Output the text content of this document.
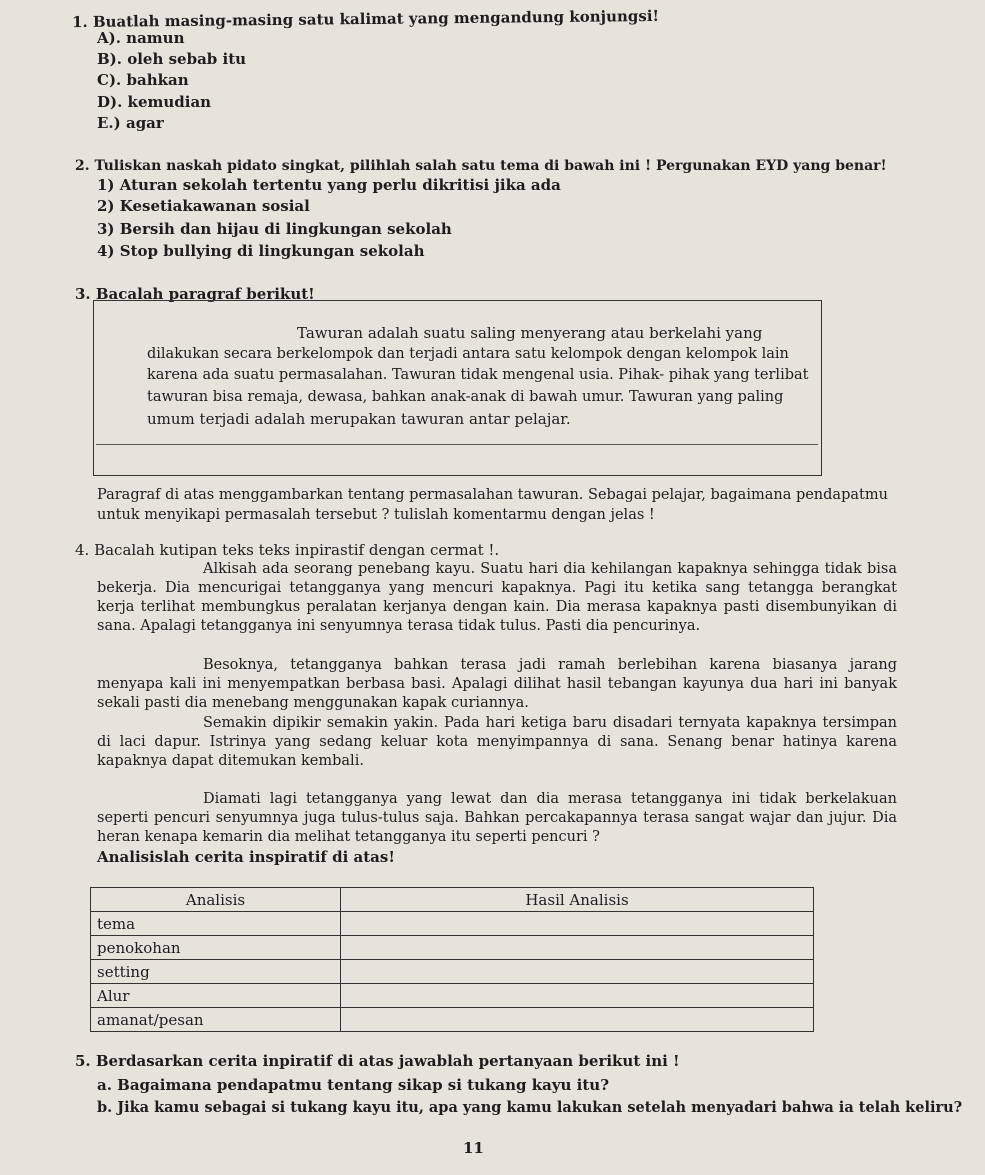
1. Buatlah masing-masing satu kalimat yang mengandung konjungsi!
A). namun
B). oleh sebab itu
C). bahkan
D). kemudian
E.) agar
2. Tuliskan naskah pidato singkat, pilihlah salah satu tema di bawah ini ! Pergunakan EYD yang benar!
1) Aturan sekolah tertentu yang perlu dikritisi jika ada
2) Kesetiakawanan sosial
3) Bersih dan hijau di lingkungan sekolah
4) Stop bullying di lingkungan sekolah
3. Bacalah paragraf berikut!
Tawuran adalah suatu saling menyerang atau berkelahi yang
dilakukan secara berkelompok dan terjadi antara satu kelompok dengan kelompok lain
karena ada suatu permasalahan. Tawuran tidak mengenal usia. Pihak- pihak yang terlibat
tawuran bisa remaja, dewasa, bahkan anak-anak di bawah umur. Tawuran yang paling
umum terjadi adalah merupakan tawuran antar pelajar.
Paragraf di atas menggambarkan tentang permasalahan tawuran. Sebagai pelajar, bagaimana pendapatmu
untuk menyikapi permasalah tersebut ? tulislah komentarmu dengan jelas !
4. Bacalah kutipan teks teks inpirastif dengan cermat !.
Alkisah ada seorang penebang kayu. Suatu hari dia kehilangan kapaknya sehingga tidak bisa bekerja. Dia mencurigai tetangganya yang mencuri kapaknya. Pagi itu ketika sang tetangga berangkat kerja terlihat membungkus peralatan kerjanya dengan kain. Dia merasa kapaknya pasti disembunyikan di sana. Apalagi tetangganya ini senyumnya terasa tidak tulus. Pasti dia pencurinya.
Besoknya, tetangganya bahkan terasa jadi ramah berlebihan karena biasanya jarang menyapa kali ini menyempatkan berbasa basi. Apalagi dilihat hasil tebangan kayunya dua hari ini banyak sekali pasti dia menebang menggunakan kapak curiannya.
Semakin dipikir semakin yakin. Pada hari ketiga baru disadari ternyata kapaknya tersimpan di laci dapur. Istrinya yang sedang keluar kota menyimpannya di sana. Senang benar hatinya karena kapaknya dapat ditemukan kembali.
Diamati lagi tetangganya yang lewat dan dia merasa tetangganya ini tidak berkelakuan seperti pencuri senyumnya juga tulus-tulus saja. Bahkan percakapannya terasa sangat wajar dan jujur. Dia heran kenapa kemarin dia melihat tetangganya itu seperti pencuri ?
Analisislah cerita inspiratif di atas!
Analisis	Hasil Analisis
tema	
penokohan	
setting	
Alur	
amanat/pesan	
5. Berdasarkan cerita inpiratif di atas jawablah pertanyaan berikut ini !
a. Bagaimana pendapatmu tentang sikap si tukang kayu itu?
b. Jika kamu sebagai si tukang kayu itu, apa yang kamu lakukan setelah menyadari bahwa ia telah keliru?
11
